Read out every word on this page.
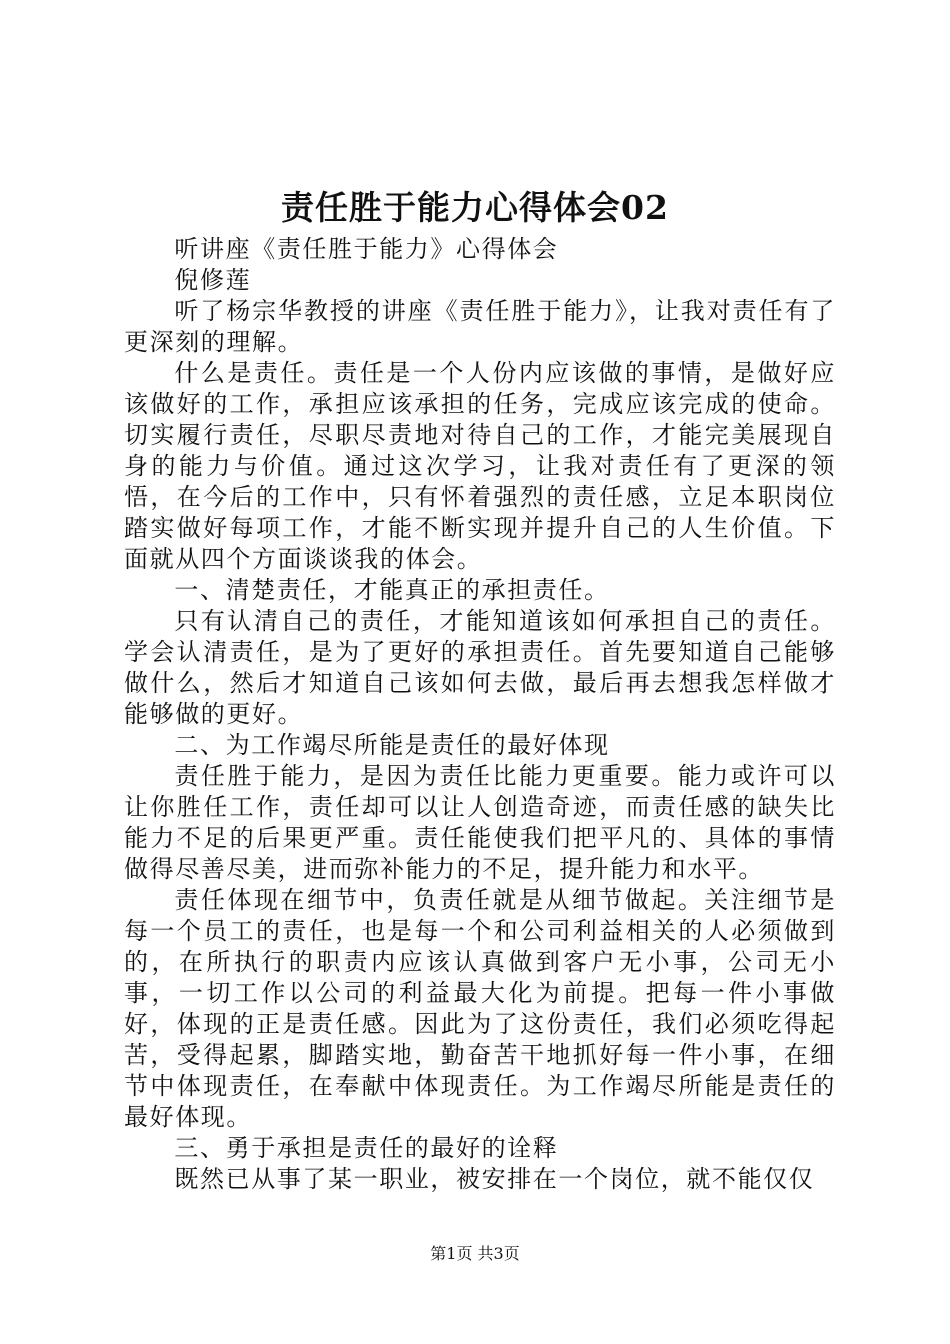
责任胜于能力心得体会02

听讲座《责任胜于能力》心得体会

倪修莲

听了杨宗华教授的讲座《责任胜于能力》，让我对责任有了更深刻的理解。

什么是责任。责任是一个人份内应该做的事情，是做好应该做好的工作，承担应该承担的任务，完成应该完成的使命。切实履行责任，尽职尽责地对待自己的工作，才能完美展现自身的能力与价值。通过这次学习，让我对责任有了更深的领悟，在今后的工作中，只有怀着强烈的责任感，立足本职岗位踏实做好每项工作，才能不断实现并提升自己的人生价值。下面就从四个方面谈谈我的体会。

一、清楚责任，才能真正的承担责任。

只有认清自己的责任，才能知道该如何承担自己的责任。学会认清责任，是为了更好的承担责任。首先要知道自己能够做什么，然后才知道自己该如何去做，最后再去想我怎样做才能够做的更好。

二、为工作竭尽所能是责任的最好体现

责任胜于能力，是因为责任比能力更重要。能力或许可以让你胜任工作，责任却可以让人创造奇迹，而责任感的缺失比能力不足的后果更严重。责任能使我们把平凡的、具体的事情做得尽善尽美，进而弥补能力的不足，提升能力和水平。

责任体现在细节中，负责任就是从细节做起。关注细节是每一个员工的责任，也是每一个和公司利益相关的人必须做到的，在所执行的职责内应该认真做到客户无小事，公司无小事，一切工作以公司的利益最大化为前提。把每一件小事做好，体现的正是责任感。因此为了这份责任，我们必须吃得起苦，受得起累，脚踏实地，勤奋苦干地抓好每一件小事，在细节中体现责任，在奉献中体现责任。为工作竭尽所能是责任的最好体现。

三、勇于承担是责任的最好的诠释

既然已从事了某一职业，被安排在一个岗位，就不能仅仅

第1页 共3页
